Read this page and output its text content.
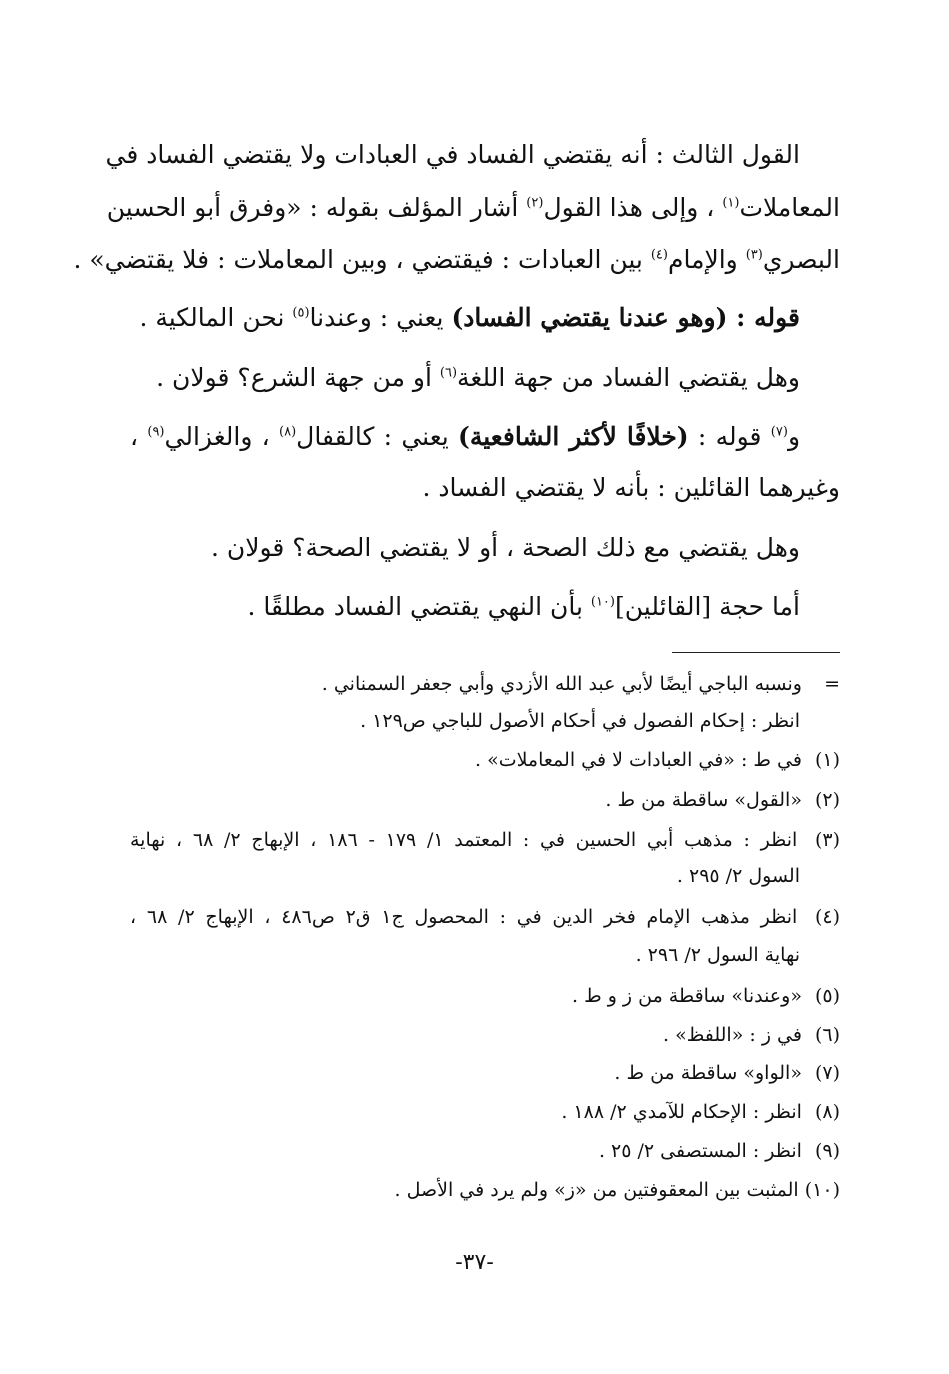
القول الثالث : أنه يقتضي الفساد في العبادات ولا يقتضي الفساد في
المعاملات$^{(١)}$ ، وإلى هذا القول$^{(٢)}$ أشار المؤلف بقوله : «وفرق أبو الحسين
البصري$^{(٣)}$ والإمام$^{(٤)}$ بين العبادات : فيقتضي ، وبين المعاملات : فلا يقتضي» .
قوله : (وهو عندنا يقتضي الفساد) يعني : وعندنا$^{(٥)}$ نحن المالكية .
وهل يقتضي الفساد من جهة اللغة$^{(٦)}$ أو من جهة الشرع؟ قولان .
و$^{(٧)}$ قوله : (خلافًا لأكثر الشافعية) يعني : كالقفال$^{(٨)}$ ، والغزالي$^{(٩)}$ ،
وغيرهما القائلين : بأنه لا يقتضي الفساد .
وهل يقتضي مع ذلك الصحة ، أو لا يقتضي الصحة؟ قولان .
أما حجة [القائلين]$^{(١٠)}$ بأن النهي يقتضي الفساد مطلقًا .
= ونسبه الباجي أيضًا لأبي عبد الله الأزدي وأبي جعفر السمناني .
انظر : إحكام الفصول في أحكام الأصول للباجي ص١٢٩ .
(١) في ط : «في العبادات لا في المعاملات» .
(٢) «القول» ساقطة من ط .
(٣) انظر : مذهب أبي الحسين في : المعتمد ١/ ١٧٩ - ١٨٦ ، الإبهاج ٢/ ٦٨ ، نهاية
السول ٢/ ٢٩٥ .
(٤) انظر مذهب الإمام فخر الدين في : المحصول ج١ ق٢ ص٤٨٦ ، الإبهاج ٢/ ٦٨ ،
نهاية السول ٢/ ٢٩٦ .
(٥) «وعندنا» ساقطة من ز و ط .
(٦) في ز : «اللفظ» .
(٧) «الواو» ساقطة من ط .
(٨) انظر : الإحكام للآمدي ٢/ ١٨٨ .
(٩) انظر : المستصفى ٢/ ٢٥ .
(١٠) المثبت بين المعقوفتين من «ز» ولم يرد في الأصل .
-٣٧-
